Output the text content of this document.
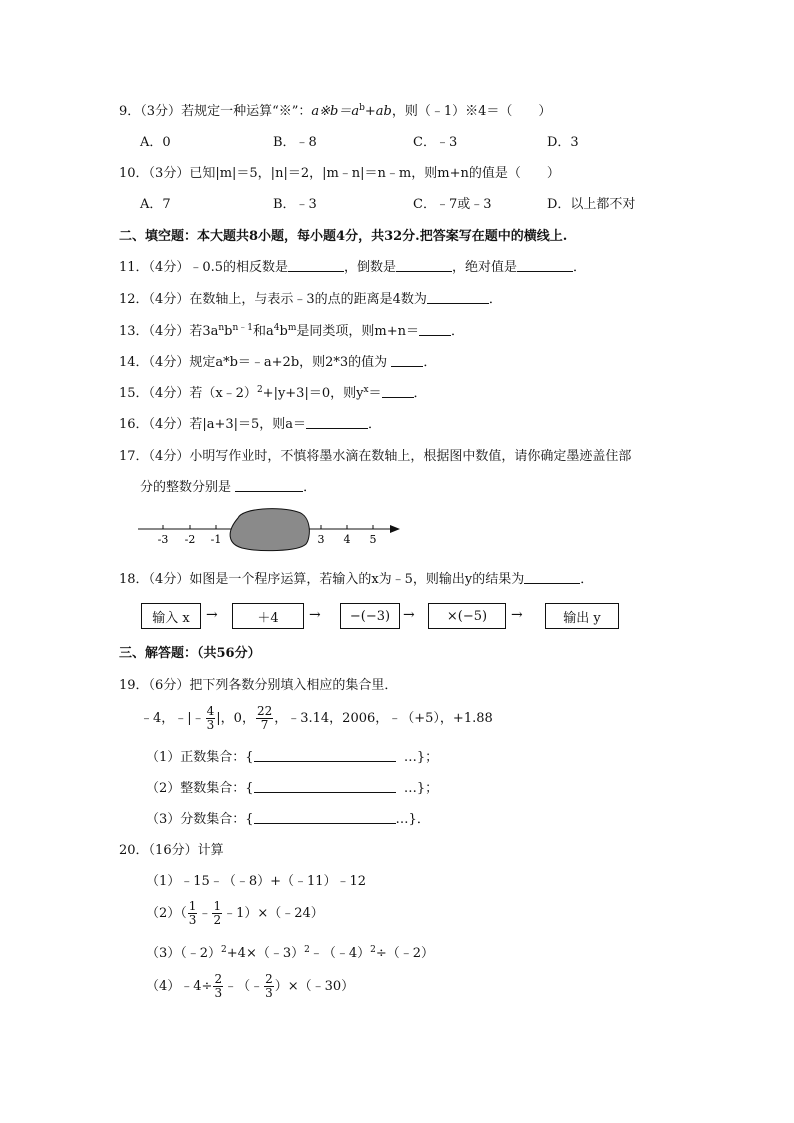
9．（3分）若规定一种运算“※”：$a※b=a^b+ab$，则（﹣1）※4＝（　　）
A．0	B．﹣8	C．﹣3	D．3
10．（3分）已知|m|＝5，|n|＝2，|m﹣n|＝n﹣m，则m+n的值是（　　）
A．7	B．﹣3	C．﹣7或﹣3	D．以上都不对
二、填空题：本大题共8小题，每小题4分，共32分.把答案写在题中的横线上.
11．（4分）﹣0.5的相反数是	，倒数是	，绝对值是	．
12．（4分）在数轴上，与表示﹣3的点的距离是4数为	．
13．（4分）若$3a^nb^{n﹣1}$和$a^4b^m$是同类项，则m+n＝ ．
14．（4分）规定a*b＝﹣a+2b，则2*3的值为	．
15．（4分）若（x﹣2）$^2$+|y+3|＝0，则$y^x=$ ．
16．（4分）若|a+3|＝5，则a＝	．
17．（4分）小明写作业时，不慎将墨水滴在数轴上，根据图中数值，请你确定墨迹盖住部
分的整数分别是	．
-3 -2 -1	3 4 5
18．（4分）如图是一个程序运算，若输入的x为﹣5，则输出y的结果为	．
输入 x	→	＋4	→	−(−3) →	×(−5)	→	输出 y
三、解答题：（共56分）
19．（6分）把下列各数分别填入相应的集合里．
﹣4，﹣|﹣ $\frac{4}{3}$ |，0， $\frac{22}{7}$ ，﹣3.14，2006，﹣（+5），+1.88
（1）正数集合：{	…}；
（2）整数集合：{	…}；
（3）分数集合：{	…}．
20．（16分）计算
（1）﹣15﹣（﹣8）+（﹣11）﹣12
$(2)( \frac{1}{3}$ ﹣ $\frac{1}{2}$ ﹣1）×（﹣24）
（3）（﹣2）$^2$+4×（﹣3）$^2$﹣（﹣4）$^2$÷（﹣2）
（4）﹣4÷ $\frac{2}{3}$ ﹣（﹣ $\frac{2}{3}$ ）×（﹣30）
